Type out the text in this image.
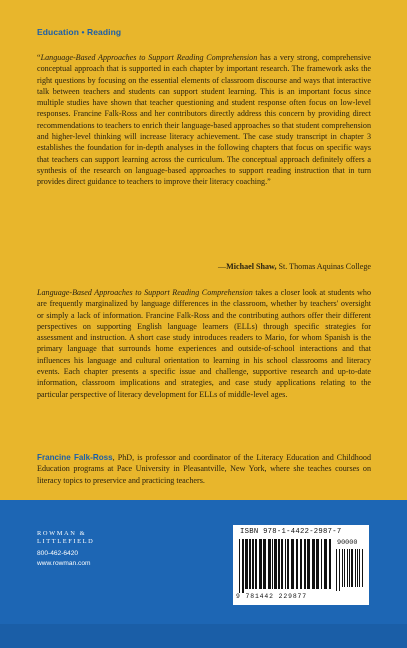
Education • Reading

“Language-Based Approaches to Support Reading Comprehension has a very strong, comprehensive conceptual approach that is supported in each chapter by important research. The framework asks the right questions by focusing on the essential elements of classroom discourse and ways that interactive talk between teachers and students can support student learning. This is an important focus since multiple studies have shown that teacher questioning and student response often focus on low-level responses. Francine Falk-Ross and her contributors directly address this concern by providing direct recommendations to teachers to enrich their language-based approaches so that student comprehension and higher-level thinking will increase literacy achievement. The case study transcript in chapter 3 establishes the foundation for in-depth analyses in the following chapters that focus on specific ways that teachers can support learning across the curriculum. The conceptual approach definitely offers a synthesis of the research on language-based approaches to support reading instruction that in turn provides direct guidance to teachers to improve their literacy coaching.”

—Michael Shaw, St. Thomas Aquinas College

Language-Based Approaches to Support Reading Comprehension takes a closer look at students who are frequently marginalized by language differences in the classroom, whether by teachers' oversight or simply a lack of information. Francine Falk-Ross and the contributing authors offer their different perspectives on supporting English language learners (ELLs) through specific strategies for assessment and instruction. A short case study introduces readers to Mario, for whom Spanish is the primary language that surrounds home experiences and outside-of-school interactions and that influences his language and cultural orientation to learning in his school classrooms and literacy events. Each chapter presents a specific issue and challenge, supportive research and up-to-date information, classroom implications and strategies, and case study applications relating to the particular perspective of literacy development for ELLs of middle-level ages.

Francine Falk-Ross, PhD, is professor and coordinator of the Literacy Education and Childhood Education programs at Pace University in Pleasantville, New York, where she teaches courses on literacy topics to preservice and practicing teachers.

ROWMAN &
LITTLEFIELD
800-462-6420
www.rowman.com
ISBN 978-1-4422-2987-7
90000
9 781442 229877
